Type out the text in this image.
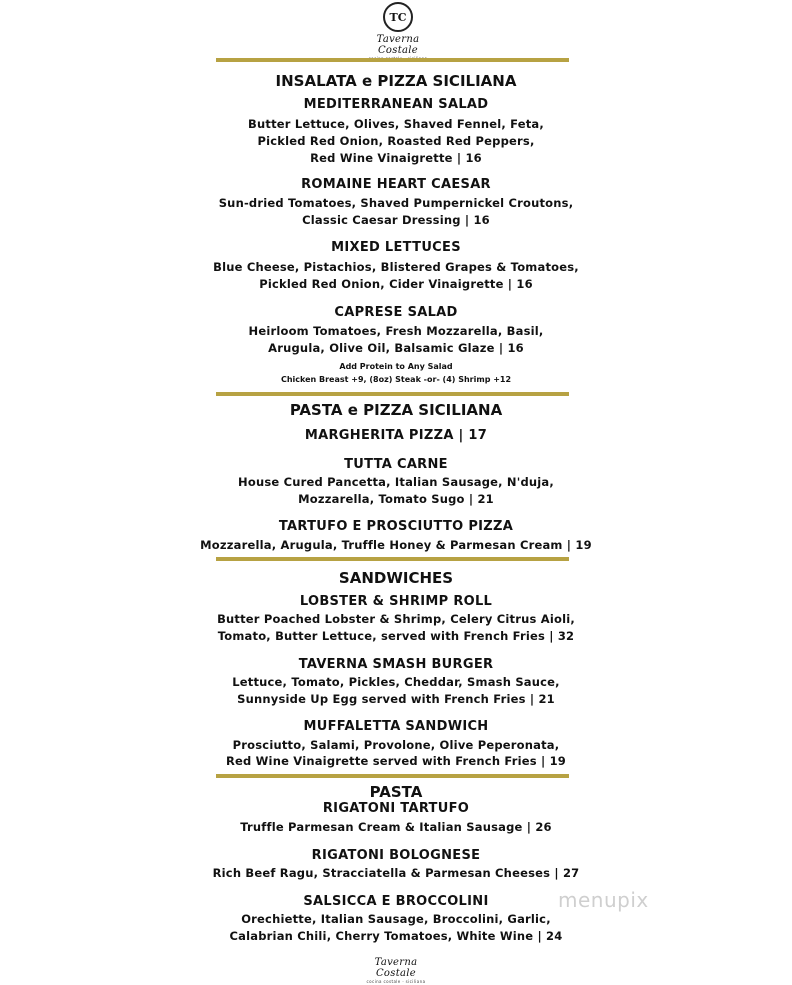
TC
Taverna Costale
INSALATA e PIZZA SICILIANA
MEDITERRANEAN SALAD
Butter Lettuce, Olives, Shaved Fennel, Feta,
Pickled Red Onion, Roasted Red Peppers,
Red Wine Vinaigrette | 16
ROMAINE HEART CAESAR
Sun-dried Tomatoes, Shaved Pumpernickel Croutons,
Classic Caesar Dressing | 16
MIXED LETTUCES
Blue Cheese, Pistachios, Blistered Grapes & Tomatoes,
Pickled Red Onion, Cider Vinaigrette | 16
CAPRESE SALAD
Heirloom Tomatoes, Fresh Mozzarella, Basil,
Arugula, Olive Oil, Balsamic Glaze | 16
Add Protein to Any Salad
Chicken Breast +9, (8oz) Steak -or- (4) Shrimp +12
PASTA e PIZZA SICILIANA
MARGHERITA PIZZA | 17
TUTTA CARNE
House Cured Pancetta, Italian Sausage, N'duja,
Mozzarella, Tomato Sugo | 21
TARTUFO E PROSCIUTTO PIZZA
Mozzarella, Arugula, Truffle Honey & Parmesan Cream | 19
SANDWICHES
LOBSTER & SHRIMP ROLL
Butter Poached Lobster & Shrimp, Celery Citrus Aioli,
Tomato, Butter Lettuce, served with French Fries | 32
TAVERNA SMASH BURGER
Lettuce, Tomato, Pickles, Cheddar, Smash Sauce,
Sunnyside Up Egg served with French Fries | 21
MUFFALETTA SANDWICH
Prosciutto, Salami, Provolone, Olive Peperonata,
Red Wine Vinaigrette served with French Fries | 19
PASTA
RIGATONI TARTUFO
Truffle Parmesan Cream & Italian Sausage | 26
RIGATONI BOLOGNESE
Rich Beef Ragu, Stracciatella & Parmesan Cheeses | 27
SALSICCA E BROCCOLINI
Orechiette, Italian Sausage, Broccolini, Garlic,
Calabrian Chili, Cherry Tomatoes, White Wine | 24
menupix
Taverna Costale
cocina costale · siciliana
